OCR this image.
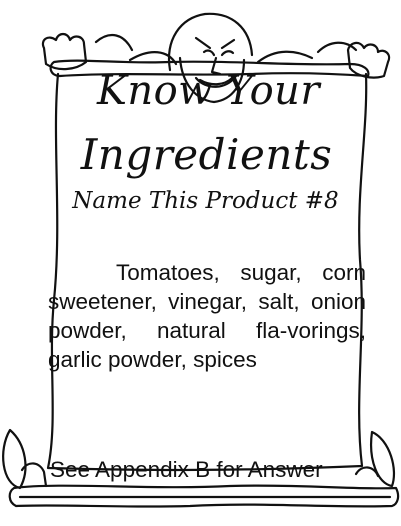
Know Your
Ingredients
Name This Product #8
Tomatoes, sugar, corn sweetener, vinegar, salt, onion powder, natural fla-vorings, garlic powder, spices
See Appendix B for Answer
